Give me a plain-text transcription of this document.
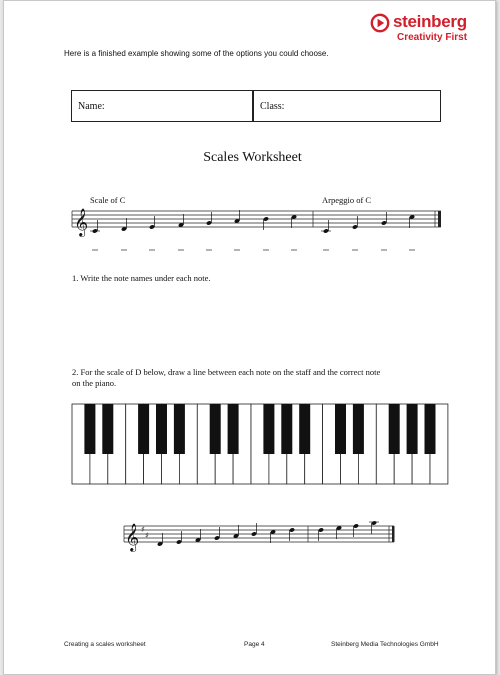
steinberg
Creativity First
Here is a finished example showing some of the options you could choose.
Name:	Class:
Scales Worksheet
Scale of C	Arpeggio of C
𝄞
1. Write the note names under each note.
2. For the scale of D below, draw a line between each note on the staff and the correct note
on the piano.
𝄞 ♯
♯
Creating a scales worksheet	Page 4	Steinberg Media Technologies GmbH
